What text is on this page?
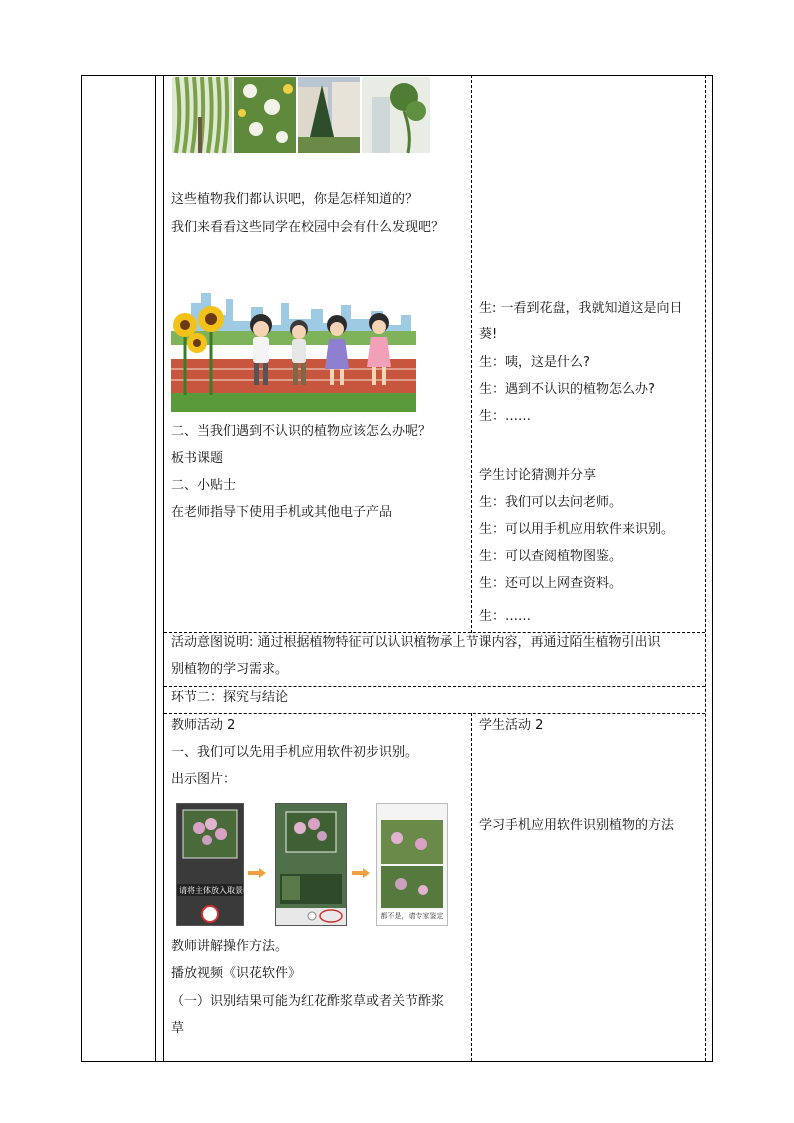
这些植物我们都认识吧，你是怎样知道的？
我们来看看这些同学在校园中会有什么发现吧？
二、当我们遇到不认识的植物应该怎么办呢？
板书课题
二、小贴士
在老师指导下使用手机或其他电子产品
生: 一看到花盘，我就知道这是向日
葵!
生：咦，这是什么?
生：遇到不认识的植物怎么办?
生：……
学生讨论猜测并分享
生：我们可以去问老师。
生：可以用手机应用软件来识别。
生：可以查阅植物图鉴。
生：还可以上网查资料。
生：……
活动意图说明: 通过根据植物特征可以认识植物承上节课内容，再通过陌生植物引出识
别植物的学习需求。
环节二：探究与结论
教师活动 2	学生活动 2
一、我们可以先用手机应用软件初步识别。
出示图片：
学习手机应用软件识别植物的方法
请将主体放入取景框
都不是，请专家鉴定
教师讲解操作方法。
播放视频《识花软件》
（一）识别结果可能为红花酢浆草或者关节酢浆
草
